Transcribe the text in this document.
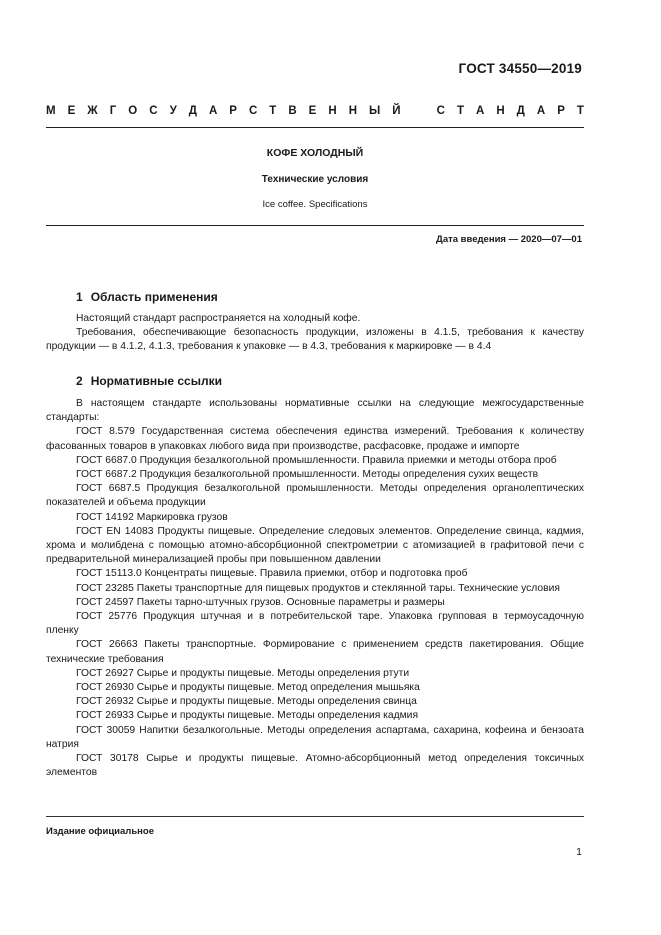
ГОСТ 34550—2019
М Е Ж Г О С У Д А Р С Т В Е Н Н Ы Й	С Т А Н Д А Р Т
КОФЕ ХОЛОДНЫЙ
Технические условия
Ice coffee. Specifications
Дата введения — 2020—07—01
1 Область применения

Настоящий стандарт распространяется на холодный кофе.

Требования, обеспечивающие безопасность продукции, изложены в 4.1.5, требования к качеству продукции — в 4.1.2, 4.1.3, требования к упаковке — в 4.3, требования к маркировке — в 4.4

2 Нормативные ссылки

В настоящем стандарте использованы нормативные ссылки на следующие межгосударственные стандарты:

ГОСТ 8.579 Государственная система обеспечения единства измерений. Требования к количеству фасованных товаров в упаковках любого вида при производстве, расфасовке, продаже и импорте

ГОСТ 6687.0 Продукция безалкогольной промышленности. Правила приемки и методы отбора проб

ГОСТ 6687.2 Продукция безалкогольной промышленности. Методы определения сухих веществ

ГОСТ 6687.5 Продукция безалкогольной промышленности. Методы определения органолептических показателей и объема продукции

ГОСТ 14192 Маркировка грузов

ГОСТ EN 14083 Продукты пищевые. Определение следовых элементов. Определение свинца, кадмия, хрома и молибдена с помощью атомно-абсорбционной спектрометрии с атомизацией в графитовой печи с предварительной минерализацией пробы при повышенном давлении

ГОСТ 15113.0 Концентраты пищевые. Правила приемки, отбор и подготовка проб

ГОСТ 23285 Пакеты транспортные для пищевых продуктов и стеклянной тары. Технические условия

ГОСТ 24597 Пакеты тарно-штучных грузов. Основные параметры и размеры

ГОСТ 25776 Продукция штучная и в потребительской таре. Упаковка групповая в термоусадочную пленку

ГОСТ 26663 Пакеты транспортные. Формирование с применением средств пакетирования. Общие технические требования

ГОСТ 26927 Сырье и продукты пищевые. Методы определения ртути

ГОСТ 26930 Сырье и продукты пищевые. Метод определения мышьяка

ГОСТ 26932 Сырье и продукты пищевые. Методы определения свинца

ГОСТ 26933 Сырье и продукты пищевые. Методы определения кадмия

ГОСТ 30059 Напитки безалкогольные. Методы определения аспартама, сахарина, кофеина и бензоата натрия

ГОСТ 30178 Сырье и продукты пищевые. Атомно-абсорбционный метод определения токсичных элементов

Издание официальное
1
